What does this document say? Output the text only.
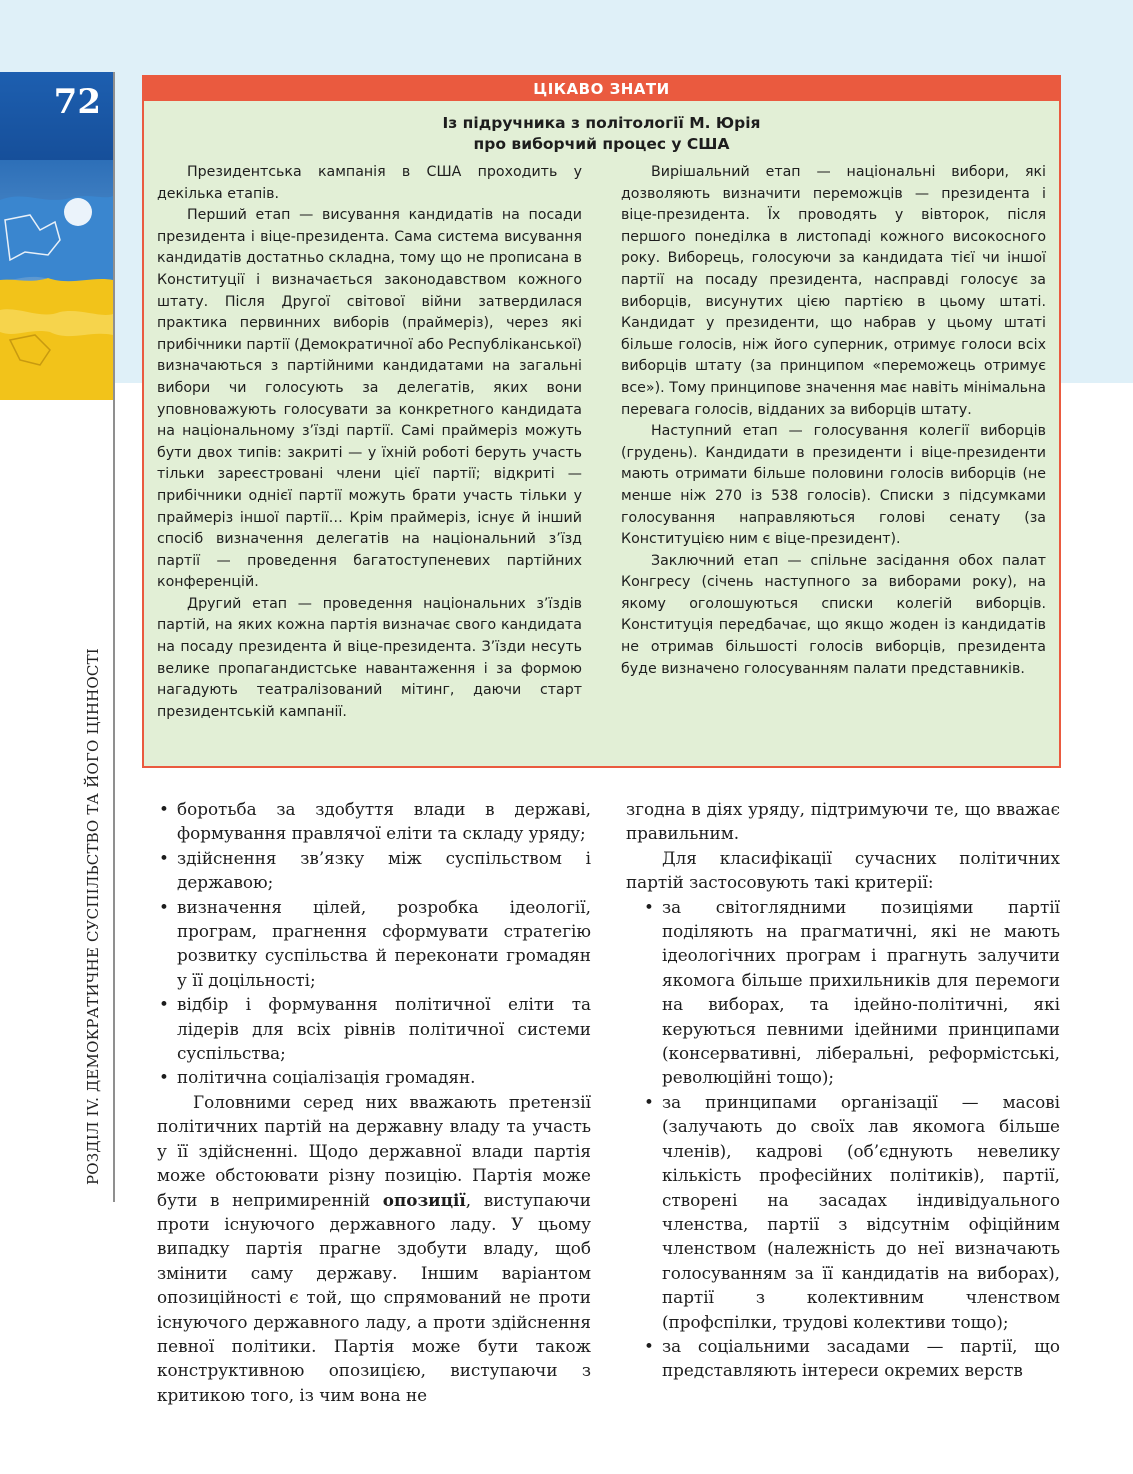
72
РОЗДІЛ IV. ДЕМОКРАТИЧНЕ СУСПІЛЬСТВО ТА ЙОГО ЦІННОСТІ
ЦІКАВО ЗНАТИ
Із підручника з політології М. Юрія
про виборчий процес у США

Президентська кампанія в США проходить у декілька етапів.

Перший етап — висування кандидатів на посади президента і віце-президента. Сама система висування кандидатів достатньо складна, тому що не прописана в Конституції і визначається законодавством кожного штату. Після Другої світової війни затвердилася практика первинних виборів (праймеріз), через які прибічники партії (Демократичної або Республіканської) визначаються з партійними кандидатами на загальні вибори чи голосують за делегатів, яких вони уповноважують голосувати за конкретного кандидата на національному з’їзді партії. Самі праймеріз можуть бути двох типів: закриті — у їхній роботі беруть участь тільки зареєстровані члени цієї партії; відкриті — прибічники однієї партії можуть брати участь тільки у праймеріз іншої партії… Крім праймеріз, існує й інший спосіб визначення делегатів на національний з’їзд партії — проведення багатоступеневих партійних конференцій.

Другий етап — проведення національних з’їздів партій, на яких кожна партія визначає свого кандидата на посаду президента й віце-президента. З’їзди несуть велике пропагандистське навантаження і за формою нагадують театралізований мітинг, даючи старт президентській кампанії.

Вирішальний етап — національні вибори, які дозволяють визначити переможців — президента і віце-президента. Їх проводять у вівторок, після першого понеділка в листопаді кожного високосного року. Виборець, голосуючи за кандидата тієї чи іншої партії на посаду президента, насправді голосує за виборців, висунутих цією партією в цьому штаті. Кандидат у президенти, що набрав у цьому штаті більше голосів, ніж його суперник, отримує голоси всіх виборців штату (за принципом «переможець отримує все»). Тому принципове значення має навіть мінімальна перевага голосів, відданих за виборців штату.

Наступний етап — голосування колегії виборців (грудень). Кандидати в президенти і віце-президенти мають отримати більше половини голосів виборців (не менше ніж 270 із 538 голосів). Списки з підсумками голосування направляються голові сенату (за Конституцією ним є віце-президент).

Заключний етап — спільне засідання обох палат Конгресу (січень наступного за виборами року), на якому оголошуються списки колегій виборців. Конституція передбачає, що якщо жоден із кандидатів не отримав більшості голосів виборців, президента буде визначено голосуванням палати представників.

• боротьба за здобуття влади в державі, формування правлячої еліти та складу уряду;
• здійснення зв’язку між суспільством і державою;
• визначення цілей, розробка ідеології, програм, прагнення сформувати стратегію розвитку суспільства й переконати громадян у її доцільності;
• відбір і формування політичної еліти та лідерів для всіх рівнів політичної системи суспільства;
• політична соціалізація громадян.

Головними серед них вважають претензії політичних партій на державну владу та участь у її здійсненні. Щодо державної влади партія може обстоювати різну позицію. Партія може бути в непримиренній опозиції, виступаючи проти існуючого державного ладу. У цьому випадку партія прагне здобути владу, щоб змінити саму державу. Іншим варіантом опозиційності є той, що спрямований не проти існуючого державного ладу, а проти здійснення певної політики. Партія може бути також конструктивною опозицією, виступаючи з критикою того, із чим вона не

згодна в діях уряду, підтримуючи те, що вважає правильним.

Для класифікації сучасних політичних партій застосовують такі критерії:

• за світоглядними позиціями партії поділяють на прагматичні, які не мають ідеологічних програм і прагнуть залучити якомога більше прихильників для перемоги на виборах, та ідейно-політичні, які керуються певними ідейними принципами (консервативні, ліберальні, реформістські, революційні тощо);
• за принципами організації — масові (залучають до своїх лав якомога більше членів), кадрові (об’єднують невелику кількість професійних політиків), партії, створені на засадах індивідуального членства, партії з відсутнім офіційним членством (належність до неї визначають голосуванням за її кандидатів на виборах), партії з колективним членством (профспілки, трудові колективи тощо);
• за соціальними засадами — партії, що представляють інтереси окремих верств
